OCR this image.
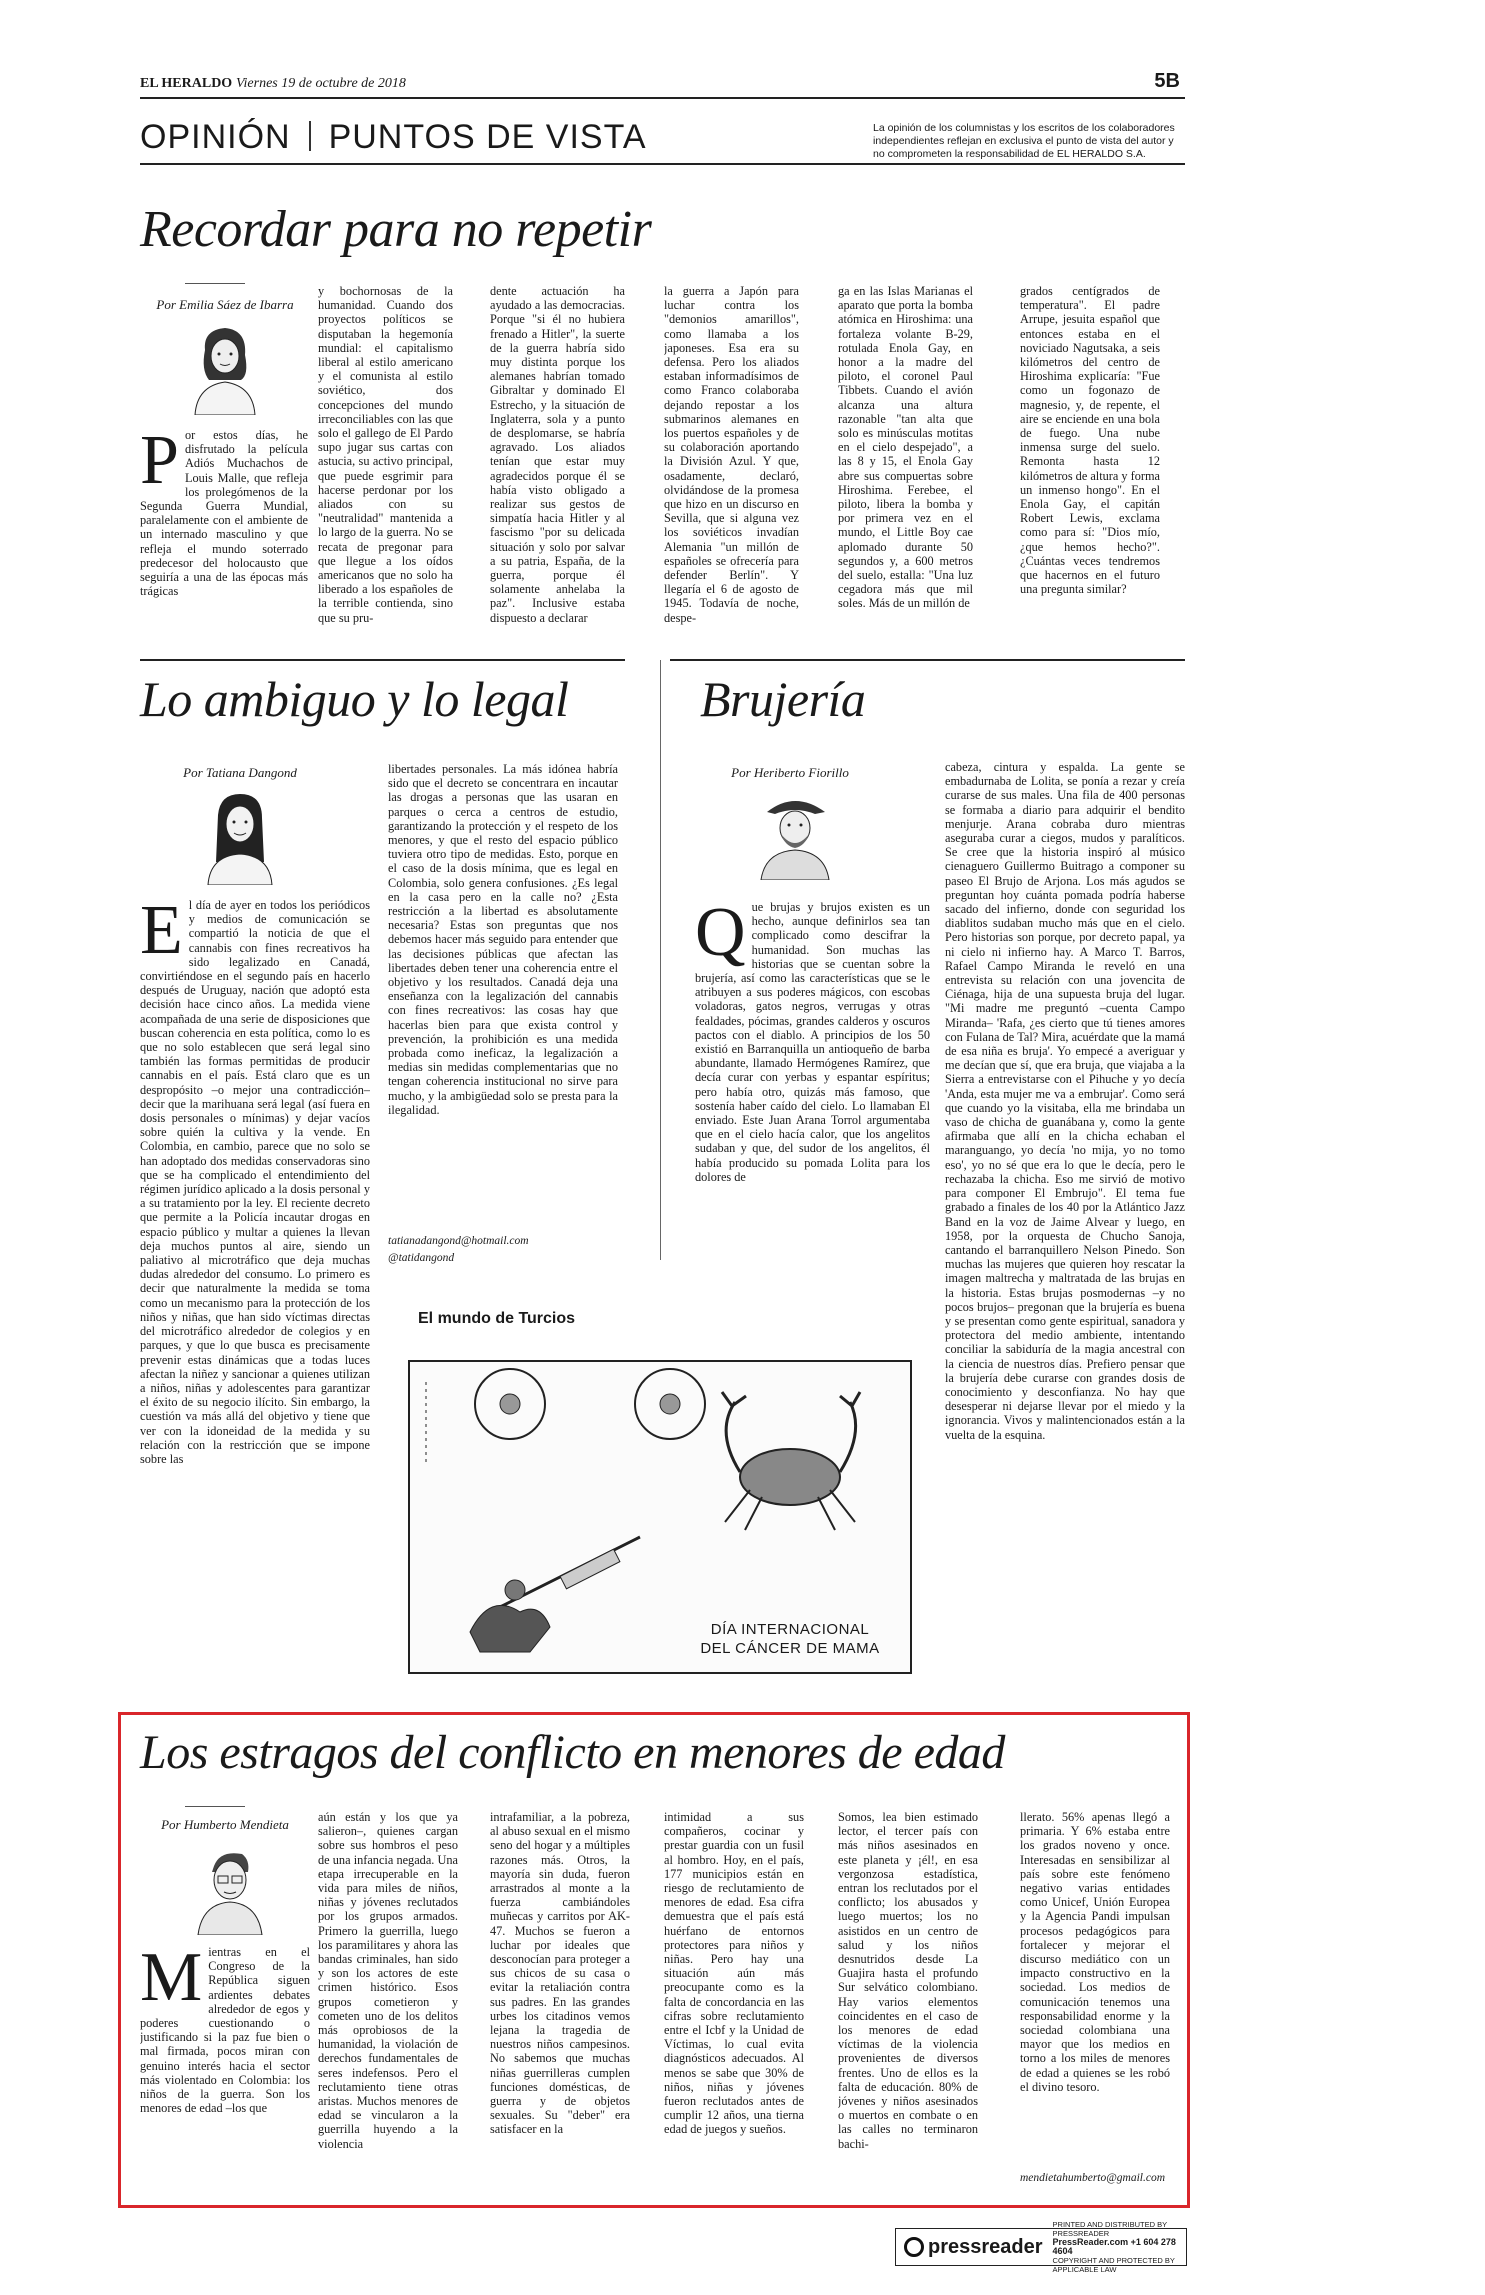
EL HERALDO Viernes 19 de octubre de 2018	5B
OPINIÓN PUNTOS DE VISTA	La opinión de los columnistas y los escritos de los colaboradores independientes reflejan en exclusiva el punto de vista del autor y no comprometen la responsabilidad de EL HERALDO S.A.
Recordar para no repetir
Por Emilia Sáez de Ibarra
Por estos días, he disfrutado la película Adiós Muchachos de Louis Malle, que refleja los prolegómenos de la Segunda Guerra Mundial, paralelamente con el ambiente de un internado masculino y que refleja el mundo soterrado predecesor del holocausto que seguiría a una de las épocas más trágicas
y bochornosas de la humanidad. Cuando dos proyectos políticos se disputaban la hegemonía mundial: el capitalismo liberal al estilo americano y el comunista al estilo soviético, dos concepciones del mundo irreconciliables con las que solo el gallego de El Pardo supo jugar sus cartas con astucia, su activo principal, que puede esgrimir para hacerse perdonar por los aliados con su "neutralidad" mantenida a lo largo de la guerra. No se recata de pregonar para que llegue a los oídos americanos que no solo ha liberado a los españoles de la terrible contienda, sino que su pru-
dente actuación ha ayudado a las democracias. Porque "si él no hubiera frenado a Hitler", la suerte de la guerra habría sido muy distinta porque los alemanes habrían tomado Gibraltar y dominado El Estrecho, y la situación de Inglaterra, sola y a punto de desplomarse, se habría agravado. Los aliados tenían que estar muy agradecidos porque él se había visto obligado a realizar sus gestos de simpatía hacia Hitler y al fascismo "por su delicada situación y solo por salvar a su patria, España, de la guerra, porque él solamente anhelaba la paz". Inclusive estaba dispuesto a declarar
la guerra a Japón para luchar contra los "demonios amarillos", como llamaba a los japoneses. Esa era su defensa. Pero los aliados estaban informadísimos de como Franco colaboraba dejando repostar a los submarinos alemanes en los puertos españoles y de su colaboración aportando la División Azul. Y que, osadamente, declaró, olvidándose de la promesa que hizo en un discurso en Sevilla, que si alguna vez los soviéticos invadían Alemania "un millón de españoles se ofrecería para defender Berlín". Y llegaría el 6 de agosto de 1945. Todavía de noche, despe-
ga en las Islas Marianas el aparato que porta la bomba atómica en Hiroshima: una fortaleza volante B-29, rotulada Enola Gay, en honor a la madre del piloto, el coronel Paul Tibbets. Cuando el avión alcanza una altura razonable "tan alta que solo es minúsculas motitas en el cielo despejado", a las 8 y 15, el Enola Gay abre sus compuertas sobre Hiroshima. Ferebee, el piloto, libera la bomba y por primera vez en el mundo, el Little Boy cae aplomado durante 50 segundos y, a 600 metros del suelo, estalla: "Una luz cegadora más que mil soles. Más de un millón de
grados centígrados de temperatura". El padre Arrupe, jesuita español que entonces estaba en el noviciado Nagutsaka, a seis kilómetros del centro de Hiroshima explicaría: "Fue como un fogonazo de magnesio, y, de repente, el aire se enciende en una bola de fuego. Una nube inmensa surge del suelo. Remonta hasta 12 kilómetros de altura y forma un inmenso hongo". En el Enola Gay, el capitán Robert Lewis, exclama como para sí: "Dios mío, ¿que hemos hecho?". ¿Cuántas veces tendremos que hacernos en el futuro una pregunta similar?
Lo ambiguo y lo legal
Por Tatiana Dangond
El día de ayer en todos los periódicos y medios de comunicación se compartió la noticia de que el cannabis con fines recreativos ha sido legalizado en Canadá, convirtiéndose en el segundo país en hacerlo después de Uruguay, nación que adoptó esta decisión hace cinco años. La medida viene acompañada de una serie de disposiciones que buscan coherencia en esta política, como lo es que no solo establecen que será legal sino también las formas permitidas de producir cannabis en el país. Está claro que es un despropósito –o mejor una contradicción– decir que la marihuana será legal (así fuera en dosis personales o mínimas) y dejar vacíos sobre quién la cultiva y la vende. En Colombia, en cambio, parece que no solo se han adoptado dos medidas conservadoras sino que se ha complicado el entendimiento del régimen jurídico aplicado a la dosis personal y a su tratamiento por la ley. El reciente decreto que permite a la Policía incautar drogas en espacio público y multar a quienes la llevan deja muchos puntos al aire, siendo un paliativo al microtráfico que deja muchas dudas alrededor del consumo. Lo primero es decir que naturalmente la medida se toma como un mecanismo para la protección de los niños y niñas, que han sido víctimas directas del microtráfico alrededor de colegios y en parques, y que lo que busca es precisamente prevenir estas dinámicas que a todas luces afectan la niñez y sancionar a quienes utilizan a niños, niñas y adolescentes para garantizar el éxito de su negocio ilícito. Sin embargo, la cuestión va más allá del objetivo y tiene que ver con la idoneidad de la medida y su relación con la restricción que se impone sobre las
libertades personales. La más idónea habría sido que el decreto se concentrara en incautar las drogas a personas que las usaran en parques o cerca a centros de estudio, garantizando la protección y el respeto de los menores, y que el resto del espacio público tuviera otro tipo de medidas. Esto, porque en el caso de la dosis mínima, que es legal en Colombia, solo genera confusiones. ¿Es legal en la casa pero en la calle no? ¿Esta restricción a la libertad es absolutamente necesaria? Estas son preguntas que nos debemos hacer más seguido para entender que las decisiones públicas que afectan las libertades deben tener una coherencia entre el objetivo y los resultados. Canadá deja una enseñanza con la legalización del cannabis con fines recreativos: las cosas hay que hacerlas bien para que exista control y prevención, la prohibición es una medida probada como ineficaz, la legalización a medias sin medidas complementarias que no tengan coherencia institucional no sirve para mucho, y la ambigüedad solo se presta para la ilegalidad.
tatianadangond@hotmail.com
@tatidangond
Brujería
Por Heriberto Fiorillo
Que brujas y brujos existen es un hecho, aunque definirlos sea tan complicado como descifrar la humanidad. Son muchas las historias que se cuentan sobre la brujería, así como las características que se le atribuyen a sus poderes mágicos, con escobas voladoras, gatos negros, verrugas y otras fealdades, pócimas, grandes calderos y oscuros pactos con el diablo. A principios de los 50 existió en Barranquilla un antioqueño de barba abundante, llamado Hermógenes Ramírez, que decía curar con yerbas y espantar espíritus; pero había otro, quizás más famoso, que sostenía haber caído del cielo. Lo llamaban El enviado. Este Juan Arana Torrol argumentaba que en el cielo hacía calor, que los angelitos sudaban y que, del sudor de los angelitos, él había producido su pomada Lolita para los dolores de
cabeza, cintura y espalda. La gente se embadurnaba de Lolita, se ponía a rezar y creía curarse de sus males. Una fila de 400 personas se formaba a diario para adquirir el bendito menjurje. Arana cobraba duro mientras aseguraba curar a ciegos, mudos y paralíticos. Se cree que la historia inspiró al músico cienaguero Guillermo Buitrago a componer su paseo El Brujo de Arjona. Los más agudos se preguntan hoy cuánta pomada podría haberse sacado del infierno, donde con seguridad los diablitos sudaban mucho más que en el cielo. Pero historias son porque, por decreto papal, ya ni cielo ni infierno hay. A Marco T. Barros, Rafael Campo Miranda le reveló en una entrevista su relación con una jovencita de Ciénaga, hija de una supuesta bruja del lugar. "Mi madre me preguntó –cuenta Campo Miranda– 'Rafa, ¿es cierto que tú tienes amores con Fulana de Tal? Mira, acuérdate que la mamá de esa niña es bruja'. Yo empecé a averiguar y me decían que sí, que era bruja, que viajaba a la Sierra a entrevistarse con el Pihuche y yo decía 'Anda, esta mujer me va a embrujar'. Como será que cuando yo la visitaba, ella me brindaba un vaso de chicha de guanábana y, como la gente afirmaba que allí en la chicha echaban el maranguango, yo decía 'no mija, yo no tomo eso', yo no sé que era lo que le decía, pero le rechazaba la chicha. Eso me sirvió de motivo para componer El Embrujo". El tema fue grabado a finales de los 40 por la Atlántico Jazz Band en la voz de Jaime Alvear y luego, en 1958, por la orquesta de Chucho Sanoja, cantando el barranquillero Nelson Pinedo. Son muchas las mujeres que quieren hoy rescatar la imagen maltrecha y maltratada de las brujas en la historia. Estas brujas posmodernas –y no pocos brujos– pregonan que la brujería es buena y se presentan como gente espiritual, sanadora y protectora del medio ambiente, intentando conciliar la sabiduría de la magia ancestral con la ciencia de nuestros días. Prefiero pensar que la brujería debe curarse con grandes dosis de conocimiento y desconfianza. No hay que desesperar ni dejarse llevar por el miedo y la ignorancia. Vivos y malintencionados están a la vuelta de la esquina.
El mundo de Turcios
DÍA INTERNACIONAL
DEL CÁNCER DE MAMA
Los estragos del conflicto en menores de edad
Por Humberto Mendieta
Mientras en el Congreso de la República siguen ardientes debates alrededor de egos y poderes cuestionando o justificando si la paz fue bien o mal firmada, pocos miran con genuino interés hacia el sector más violentado en Colombia: los niños de la guerra. Son los menores de edad –los que
aún están y los que ya salieron–, quienes cargan sobre sus hombros el peso de una infancia negada. Una etapa irrecuperable en la vida para miles de niños, niñas y jóvenes reclutados por los grupos armados. Primero la guerrilla, luego los paramilitares y ahora las bandas criminales, han sido y son los actores de este crimen histórico. Esos grupos cometieron y cometen uno de los delitos más oprobiosos de la humanidad, la violación de derechos fundamentales de seres indefensos. Pero el reclutamiento tiene otras aristas. Muchos menores de edad se vincularon a la guerrilla huyendo a la violencia
intrafamiliar, a la pobreza, al abuso sexual en el mismo seno del hogar y a múltiples razones más. Otros, la mayoría sin duda, fueron arrastrados al monte a la fuerza cambiándoles muñecas y carritos por AK-47. Muchos se fueron a luchar por ideales que desconocían para proteger a sus chicos de su casa o evitar la retaliación contra sus padres. En las grandes urbes los citadinos vemos lejana la tragedia de nuestros niños campesinos. No sabemos que muchas niñas guerrilleras cumplen funciones domésticas, de guerra y de objetos sexuales. Su "deber" era satisfacer en la
intimidad a sus compañeros, cocinar y prestar guardia con un fusil al hombro. Hoy, en el país, 177 municipios están en riesgo de reclutamiento de menores de edad. Esa cifra demuestra que el país está huérfano de entornos protectores para niños y niñas. Pero hay una situación aún más preocupante como es la falta de concordancia en las cifras sobre reclutamiento entre el Icbf y la Unidad de Víctimas, lo cual evita diagnósticos adecuados. Al menos se sabe que 30% de niños, niñas y jóvenes fueron reclutados antes de cumplir 12 años, una tierna edad de juegos y sueños.
Somos, lea bien estimado lector, el tercer país con más niños asesinados en este planeta y ¡él!, en esa vergonzosa estadística, entran los reclutados por el conflicto; los abusados y luego muertos; los no asistidos en un centro de salud y los niños desnutridos desde La Guajira hasta el profundo Sur selvático colombiano. Hay varios elementos coincidentes en el caso de los menores de edad víctimas de la violencia provenientes de diversos frentes. Uno de ellos es la falta de educación. 80% de jóvenes y niños asesinados o muertos en combate o en las calles no terminaron bachi-
llerato. 56% apenas llegó a primaria. Y 6% estaba entre los grados noveno y once. Interesadas en sensibilizar al país sobre este fenómeno negativo varias entidades como Unicef, Unión Europea y la Agencia Pandi impulsan procesos pedagógicos para fortalecer y mejorar el discurso mediático con un impacto constructivo en la sociedad. Los medios de comunicación tenemos una responsabilidad enorme y la sociedad colombiana una mayor que los medios en torno a los miles de menores de edad a quienes se les robó el divino tesoro.
mendietahumberto@gmail.com
pressreader
PRINTED AND DISTRIBUTED BY PRESSREADER
PressReader.com +1 604 278 4604
COPYRIGHT AND PROTECTED BY APPLICABLE LAW
